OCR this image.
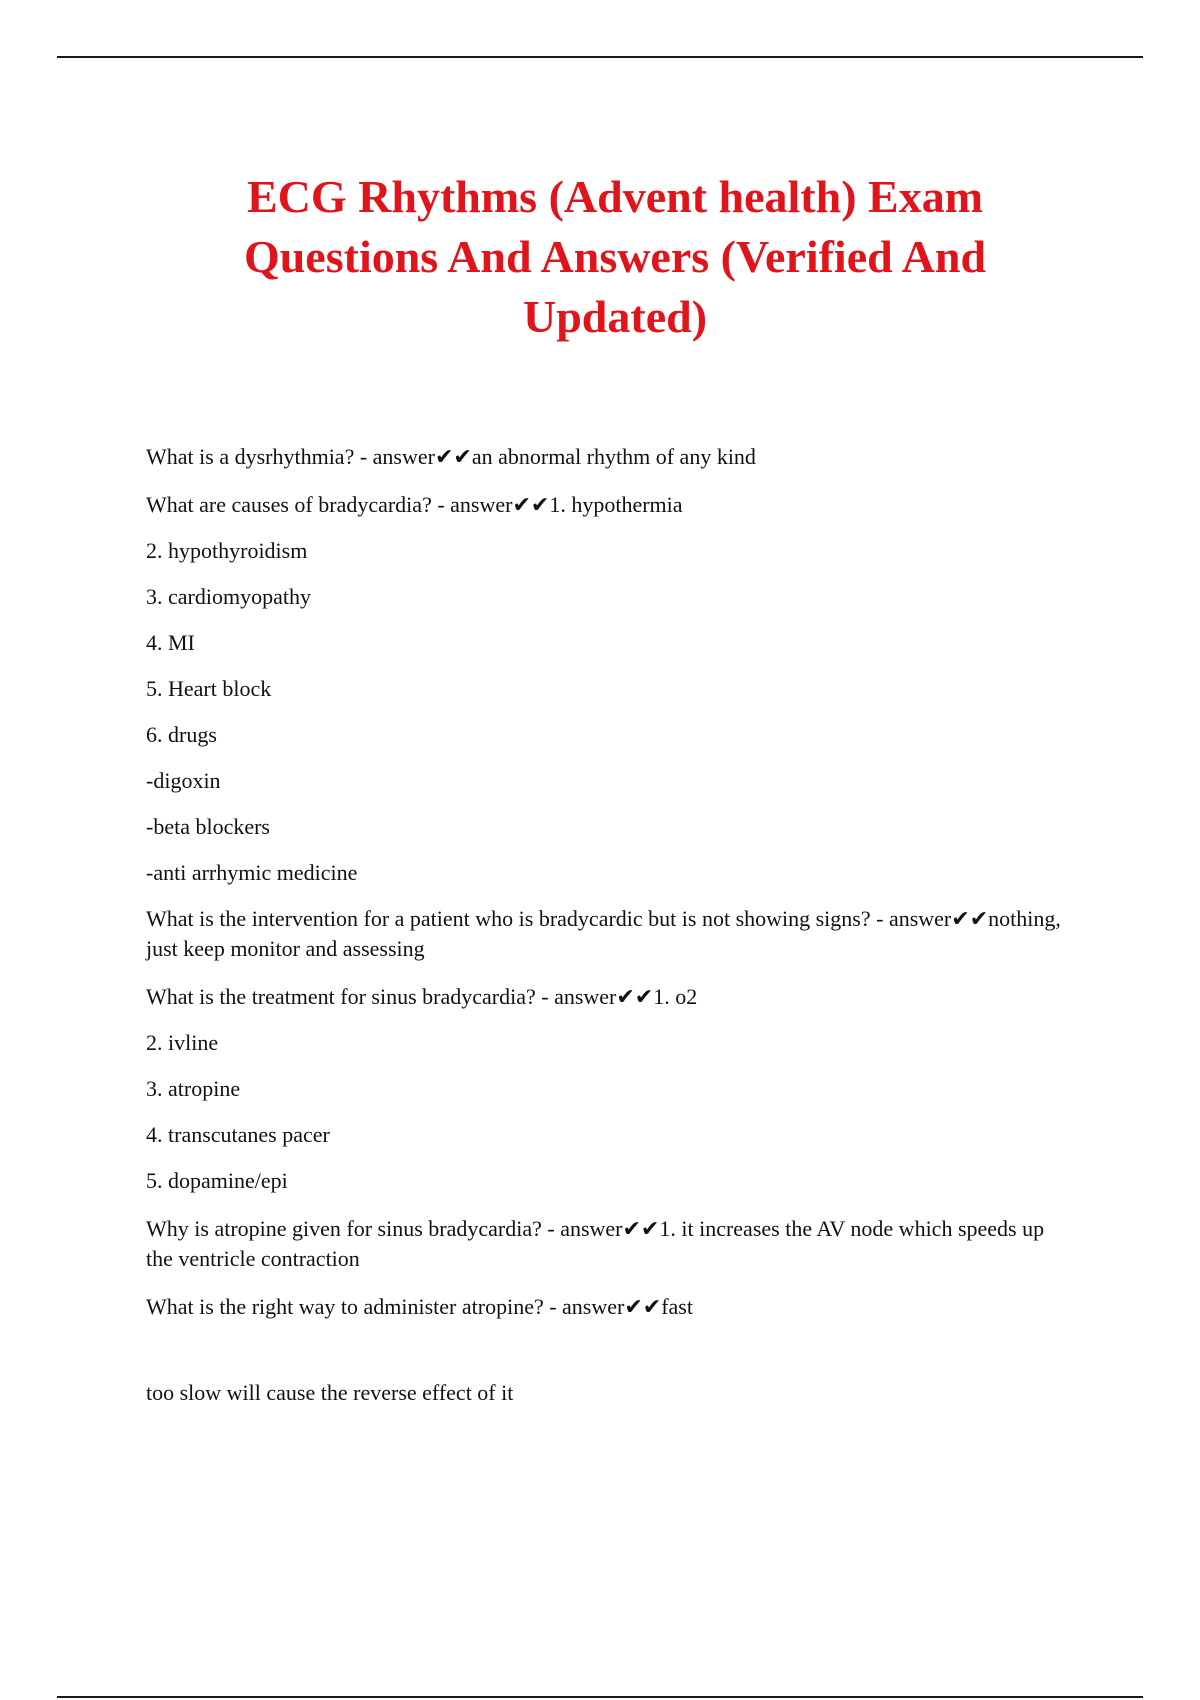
ECG Rhythms (Advent health) Exam Questions And Answers (Verified And Updated)

What is a dysrhythmia? - answer✔✔an abnormal rhythm of any kind

What are causes of bradycardia? - answer✔✔1. hypothermia

2. hypothyroidism

3. cardiomyopathy

4. MI

5. Heart block

6. drugs

-digoxin

-beta blockers

-anti arrhymic medicine

What is the intervention for a patient who is bradycardic but is not showing signs? - answer✔✔nothing, just keep monitor and assessing

What is the treatment for sinus bradycardia? - answer✔✔1. o2

2. ivline

3. atropine

4. transcutanes pacer

5. dopamine/epi

Why is atropine given for sinus bradycardia? - answer✔✔1. it increases the AV node which speeds up the ventricle contraction

What is the right way to administer atropine? - answer✔✔fast

too slow will cause the reverse effect of it
